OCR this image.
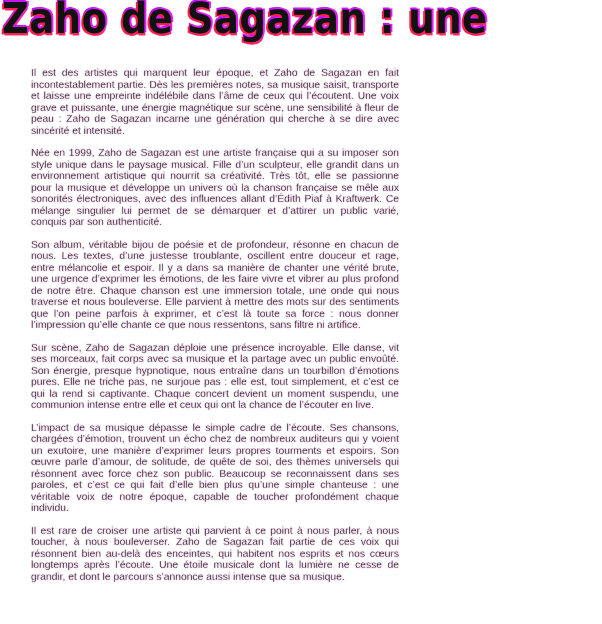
Zaho de Sagazan : une

Il est des artistes qui marquent leur époque, et Zaho de Sagazan en fait incontestablement partie. Dès les premières notes, sa musique saisit, transporte et laisse une empreinte indélébile dans l’âme de ceux qui l’écoutent. Une voix grave et puissante, une énergie magnétique sur scène, une sensibilité à fleur de peau : Zaho de Sagazan incarne une génération qui cherche à se dire avec sincérité et intensité.

Née en 1999, Zaho de Sagazan est une artiste française qui a su imposer son style unique dans le paysage musical. Fille d’un sculpteur, elle grandit dans un environnement artistique qui nourrit sa créativité. Très tôt, elle se passionne pour la musique et développe un univers où la chanson française se mêle aux sonorités électroniques, avec des influences allant d’Édith Piaf à Kraftwerk. Ce mélange singulier lui permet de se démarquer et d’attirer un public varié, conquis par son authenticité.

Son album, véritable bijou de poésie et de profondeur, résonne en chacun de nous. Les textes, d’une justesse troublante, oscillent entre douceur et rage, entre mélancolie et espoir. Il y a dans sa manière de chanter une vérité brute, une urgence d’exprimer les émotions, de les faire vivre et vibrer au plus profond de notre être. Chaque chanson est une immersion totale, une onde qui nous traverse et nous bouleverse. Elle parvient à mettre des mots sur des sentiments que l’on peine parfois à exprimer, et c’est là toute sa force : nous donner l’impression qu’elle chante ce que nous ressentons, sans filtre ni artifice.

Sur scène, Zaho de Sagazan déploie une présence incroyable. Elle danse, vit ses morceaux, fait corps avec sa musique et la partage avec un public envoûté. Son énergie, presque hypnotique, nous entraîne dans un tourbillon d’émotions pures. Elle ne triche pas, ne surjoue pas : elle est, tout simplement, et c’est ce qui la rend si captivante. Chaque concert devient un moment suspendu, une communion intense entre elle et ceux qui ont la chance de l’écouter en live.

L’impact de sa musique dépasse le simple cadre de l’écoute. Ses chansons, chargées d’émotion, trouvent un écho chez de nombreux auditeurs qui y voient un exutoire, une manière d’exprimer leurs propres tourments et espoirs. Son œuvre parle d’amour, de solitude, de quête de soi, des thèmes universels qui résonnent avec force chez son public. Beaucoup se reconnaissent dans ses paroles, et c’est ce qui fait d’elle bien plus qu’une simple chanteuse : une véritable voix de notre époque, capable de toucher profondément chaque individu.

Il est rare de croiser une artiste qui parvient à ce point à nous parler, à nous toucher, à nous bouleverser. Zaho de Sagazan fait partie de ces voix qui résonnent bien au-delà des enceintes, qui habitent nos esprits et nos cœurs longtemps après l’écoute. Une étoile musicale dont la lumière ne cesse de grandir, et dont le parcours s’annonce aussi intense que sa musique.
